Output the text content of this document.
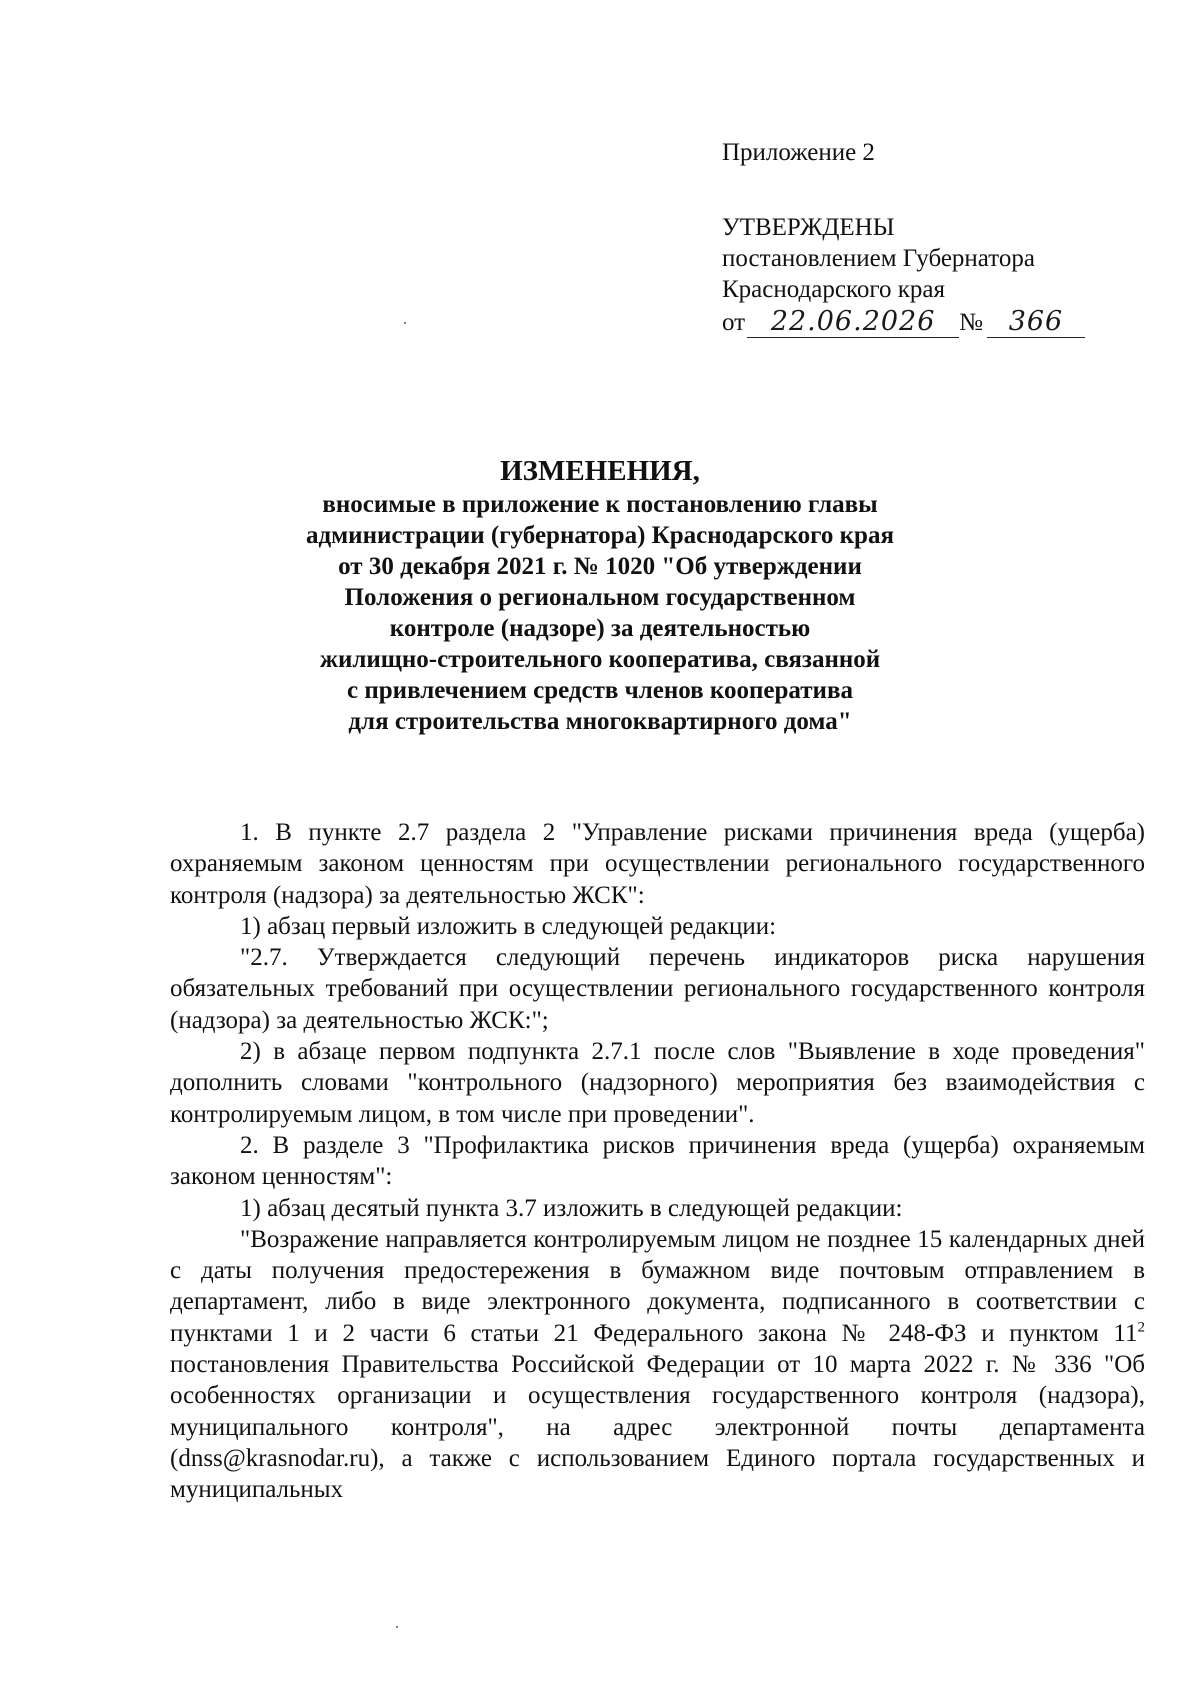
Приложение 2
УТВЕРЖДЕНЫ
постановлением Губернатора
Краснодарского края
от 22.06.2026 № 366
ИЗМЕНЕНИЯ,
вносимые в приложение к постановлению главы
администрации (губернатора) Краснодарского края
от 30 декабря 2021 г. № 1020 "Об утверждении
Положения о региональном государственном
контроле (надзоре) за деятельностью
жилищно-строительного кооператива, связанной
с привлечением средств членов кооператива
для строительства многоквартирного дома"

1. В пункте 2.7 раздела 2 "Управление рисками причинения вреда (ущерба) охраняемым законом ценностям при осуществлении регионального государственного контроля (надзора) за деятельностью ЖСК":

1) абзац первый изложить в следующей редакции:

"2.7. Утверждается следующий перечень индикаторов риска нарушения обязательных требований при осуществлении регионального государственного контроля (надзора) за деятельностью ЖСК:";

2) в абзаце первом подпункта 2.7.1 после слов "Выявление в ходе проведения" дополнить словами "контрольного (надзорного) мероприятия без взаимодействия с контролируемым лицом, в том числе при проведении".

2. В разделе 3 "Профилактика рисков причинения вреда (ущерба) охраняемым законом ценностям":

1) абзац десятый пункта 3.7 изложить в следующей редакции:

"Возражение направляется контролируемым лицом не позднее 15 календарных дней с даты получения предостережения в бумажном виде почтовым отправлением в департамент, либо в виде электронного документа, подписанного в соответствии с пунктами 1 и 2 части 6 статьи 21 Федерального закона № 248-ФЗ и пунктом $11^2$ постановления Правительства Российской Федерации от 10 марта 2022 г. № 336 "Об особенностях организации и осуществления государственного контроля (надзора), муниципального контроля", на адрес электронной почты департамента (dnss@krasnodar.ru), а также с использованием Единого портала государственных и муниципальных
